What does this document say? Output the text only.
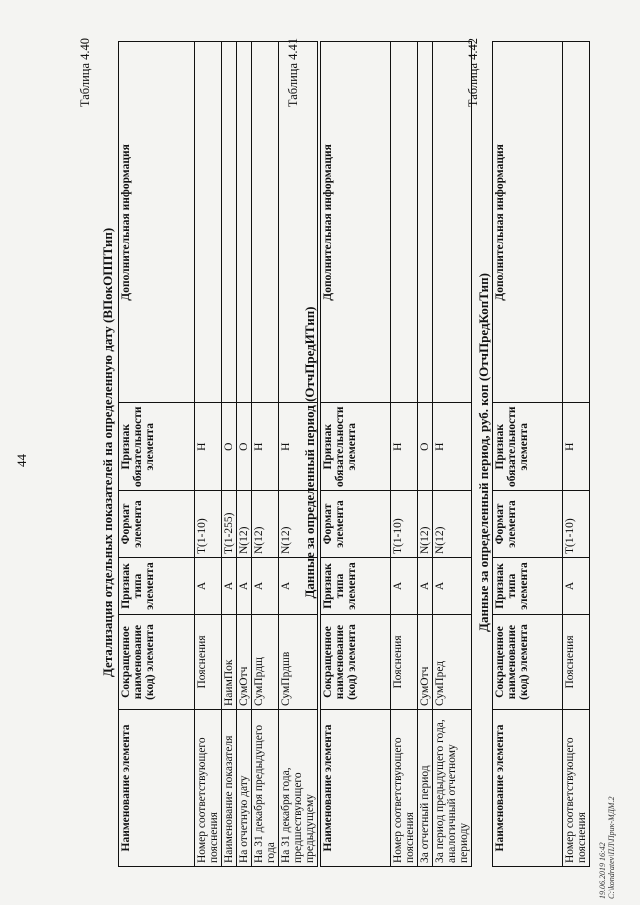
44
Таблица 4.40
Детализация отдельных показателей на определенную дату (ВПокОППТип)
Наименование элемента	Сокращенное наименование (код) элемента	Признак типа элемента	Формат элемента	Признак обязательности элемента	Дополнительная информация
Номер соответствующего пояснения	Пояснения	А	Т(1-10)	Н	
Наименование показателя	НаимПок	А	Т(1-255)	О	
На отчетную дату	СумОтч	А	N(12)	О	
На 31 декабря предыдущего года	СумПрдщ	А	N(12)	Н	
На 31 декабря года, предшествующего предыдущему	СумПрдшв	А	N(12)	Н	
Таблица 4.41
Данные за определенный период (ОтчПредИТип)
Наименование элемента	Сокращенное наименование (код) элемента	Признак типа элемента	Формат элемента	Признак обязательности элемента	Дополнительная информация
Номер соответствующего пояснения	Пояснения	А	Т(1-10)	Н	
За отчетный период	СумОтч	А	N(12)	О	
За период предыдущего года, аналогичный отчетному периоду	СумПред	А	N(12)	Н	
Таблица 4.42
Данные за определенный период, руб. коп (ОтчПредКопТип)
Наименование элемента	Сокращенное наименование (код) элемента	Признак типа элемента	Формат элемента	Признак обязательности элемента	Дополнительная информация
Номер соответствующего пояснения	Пояснения	А	Т(1-10)	Н	
19.06.2019 16:42 C:\kondratev\ПЛ\Прик-МДМ.2
